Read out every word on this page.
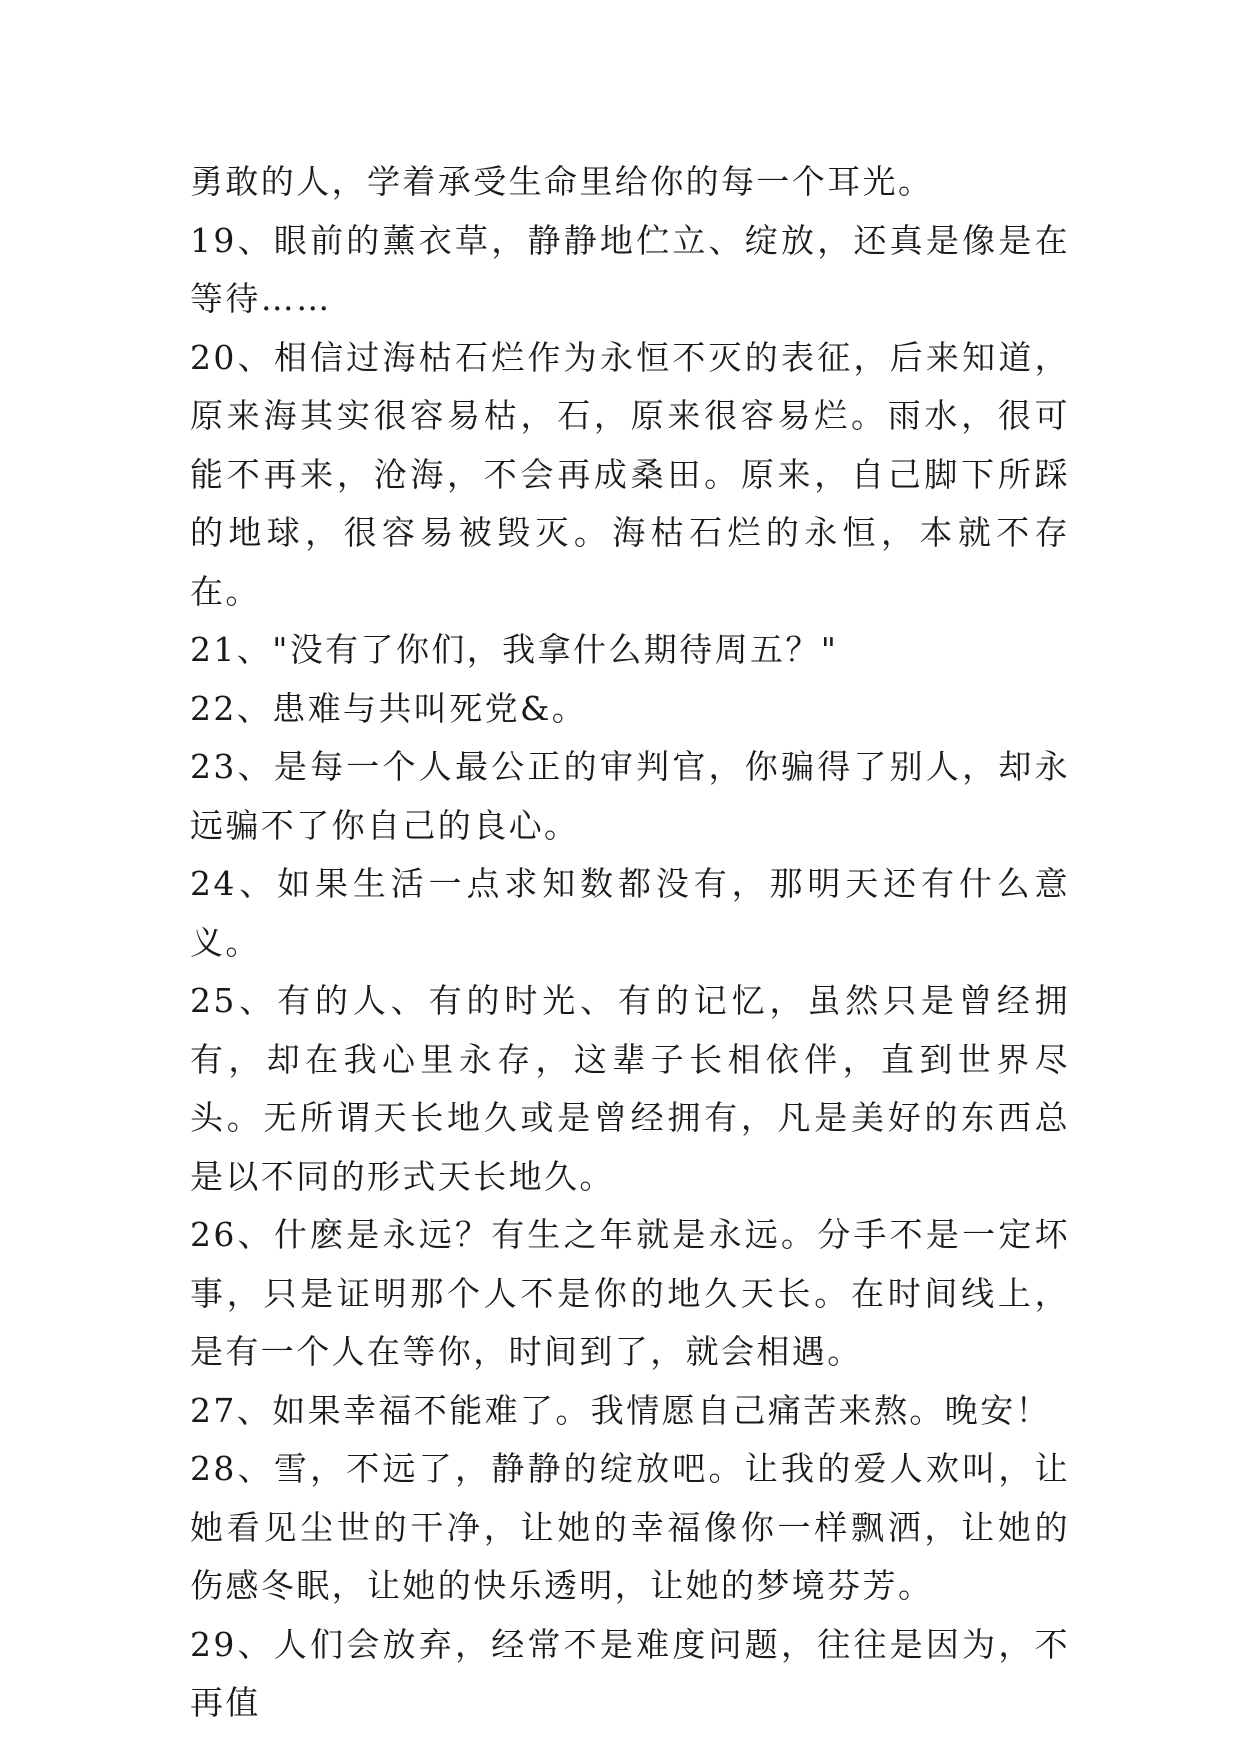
勇敢的人，学着承受生命里给你的每一个耳光。

19、眼前的薰衣草，静静地伫立、绽放，还真是像是在等待……

20、相信过海枯石烂作为永恒不灭的表征，后来知道，原来海其实很容易枯，石，原来很容易烂。雨水，很可能不再来，沧海，不会再成桑田。原来，自己脚下所踩的地球，很容易被毁灭。海枯石烂的永恒，本就不存在。

21、"没有了你们，我拿什么期待周五？"

22、患难与共叫死党&。

23、是每一个人最公正的审判官，你骗得了别人，却永远骗不了你自己的良心。

24、如果生活一点求知数都没有，那明天还有什么意义。

25、有的人、有的时光、有的记忆，虽然只是曾经拥有，却在我心里永存，这辈子长相依伴，直到世界尽头。无所谓天长地久或是曾经拥有，凡是美好的东西总是以不同的形式天长地久。

26、什麽是永远？有生之年就是永远。分手不是一定坏事，只是证明那个人不是你的地久天长。在时间线上，是有一个人在等你，时间到了，就会相遇。

27、如果幸福不能难了。我情愿自己痛苦来熬。晚安！

28、雪，不远了，静静的绽放吧。让我的爱人欢叫，让她看见尘世的干净，让她的幸福像你一样飘洒，让她的伤感冬眠，让她的快乐透明，让她的梦境芬芳。

29、人们会放弃，经常不是难度问题，往往是因为，不再值
